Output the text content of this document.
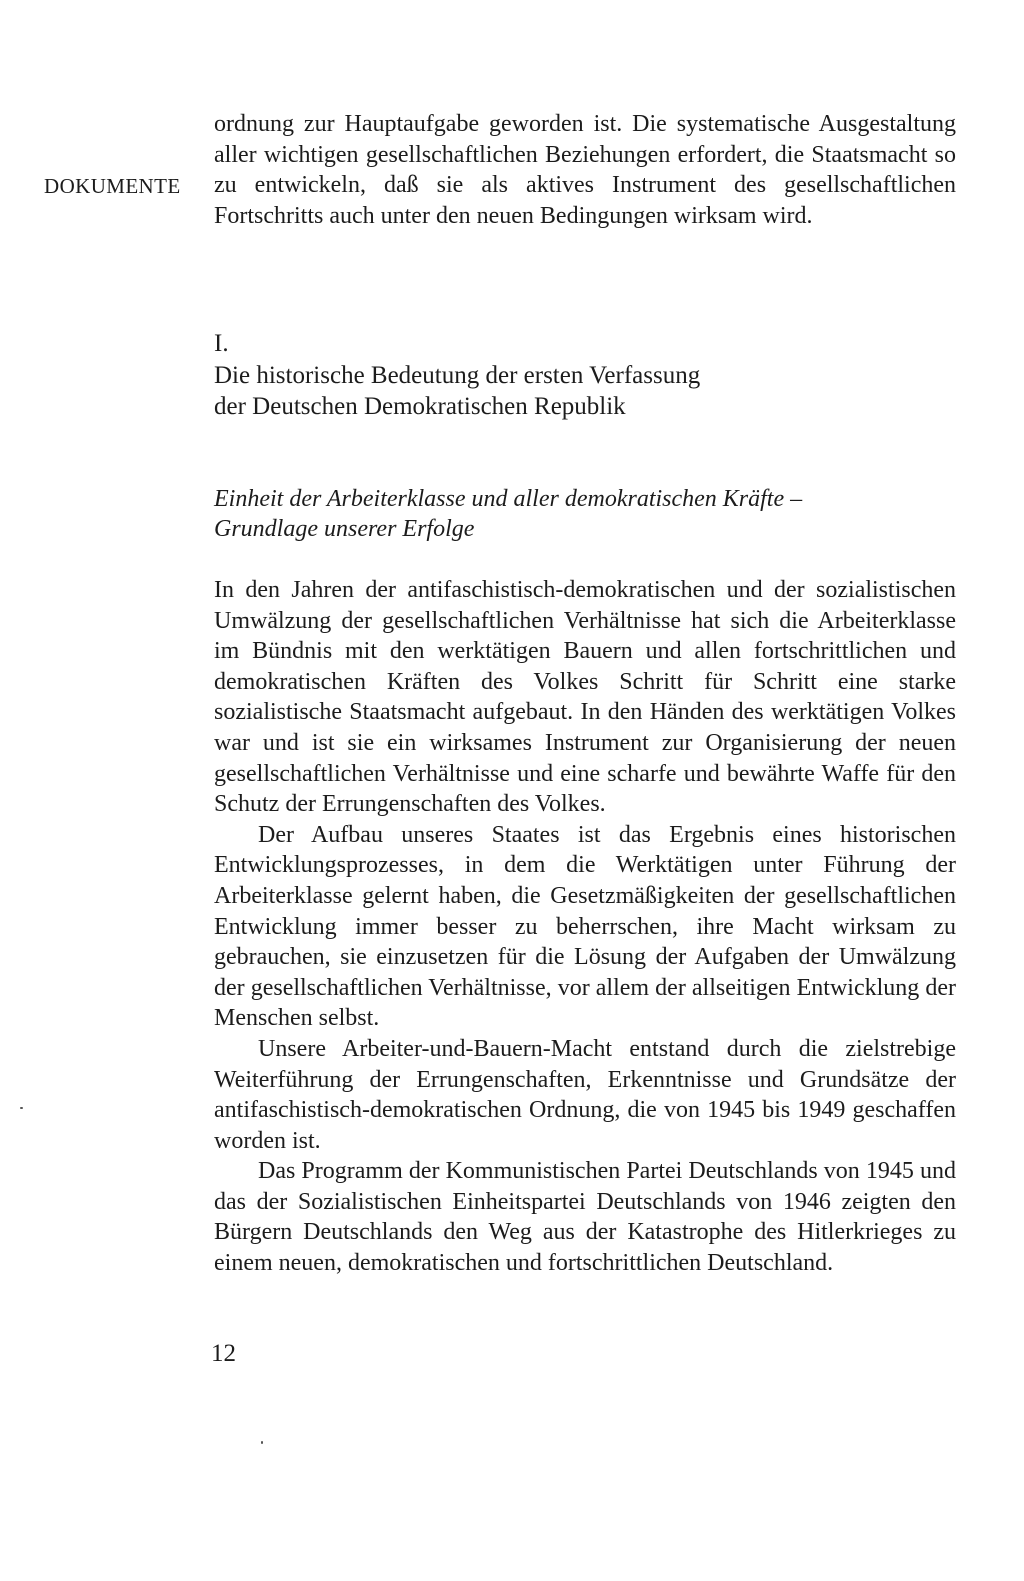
DOKUMENTE

ordnung zur Hauptaufgabe geworden ist. Die systematische Ausgestaltung aller wichtigen gesellschaftlichen Beziehungen erfordert, die Staatsmacht so zu entwickeln, daß sie als aktives Instrument des gesellschaftlichen Fortschritts auch unter den neuen Bedingungen wirksam wird.

I.
Die historische Bedeutung der ersten Verfassung
der Deutschen Demokratischen Republik
Einheit der Arbeiterklasse und aller demokratischen Kräfte –
Grundlage unserer Erfolge

In den Jahren der antifaschistisch-demokratischen und der sozialistischen Umwälzung der gesellschaftlichen Verhältnisse hat sich die Arbeiterklasse im Bündnis mit den werktätigen Bauern und allen fortschrittlichen und demokratischen Kräften des Volkes Schritt für Schritt eine starke sozialistische Staatsmacht aufgebaut. In den Händen des werktätigen Volkes war und ist sie ein wirksames Instrument zur Organisierung der neuen gesellschaftlichen Verhältnisse und eine scharfe und bewährte Waffe für den Schutz der Errungenschaften des Volkes.

Der Aufbau unseres Staates ist das Ergebnis eines historischen Entwicklungsprozesses, in dem die Werktätigen unter Führung der Arbeiterklasse gelernt haben, die Gesetzmäßigkeiten der gesellschaftlichen Entwicklung immer besser zu beherrschen, ihre Macht wirksam zu gebrauchen, sie einzusetzen für die Lösung der Aufgaben der Umwälzung der gesellschaftlichen Verhältnisse, vor allem der allseitigen Entwicklung der Menschen selbst.

Unsere Arbeiter-und-Bauern-Macht entstand durch die zielstrebige Weiterführung der Errungenschaften, Erkenntnisse und Grundsätze der antifaschistisch-demokratischen Ordnung, die von 1945 bis 1949 geschaffen worden ist.

Das Programm der Kommunistischen Partei Deutschlands von 1945 und das der Sozialistischen Einheitspartei Deutschlands von 1946 zeigten den Bürgern Deutschlands den Weg aus der Katastrophe des Hitlerkrieges zu einem neuen, demokratischen und fortschrittlichen Deutschland.

12
